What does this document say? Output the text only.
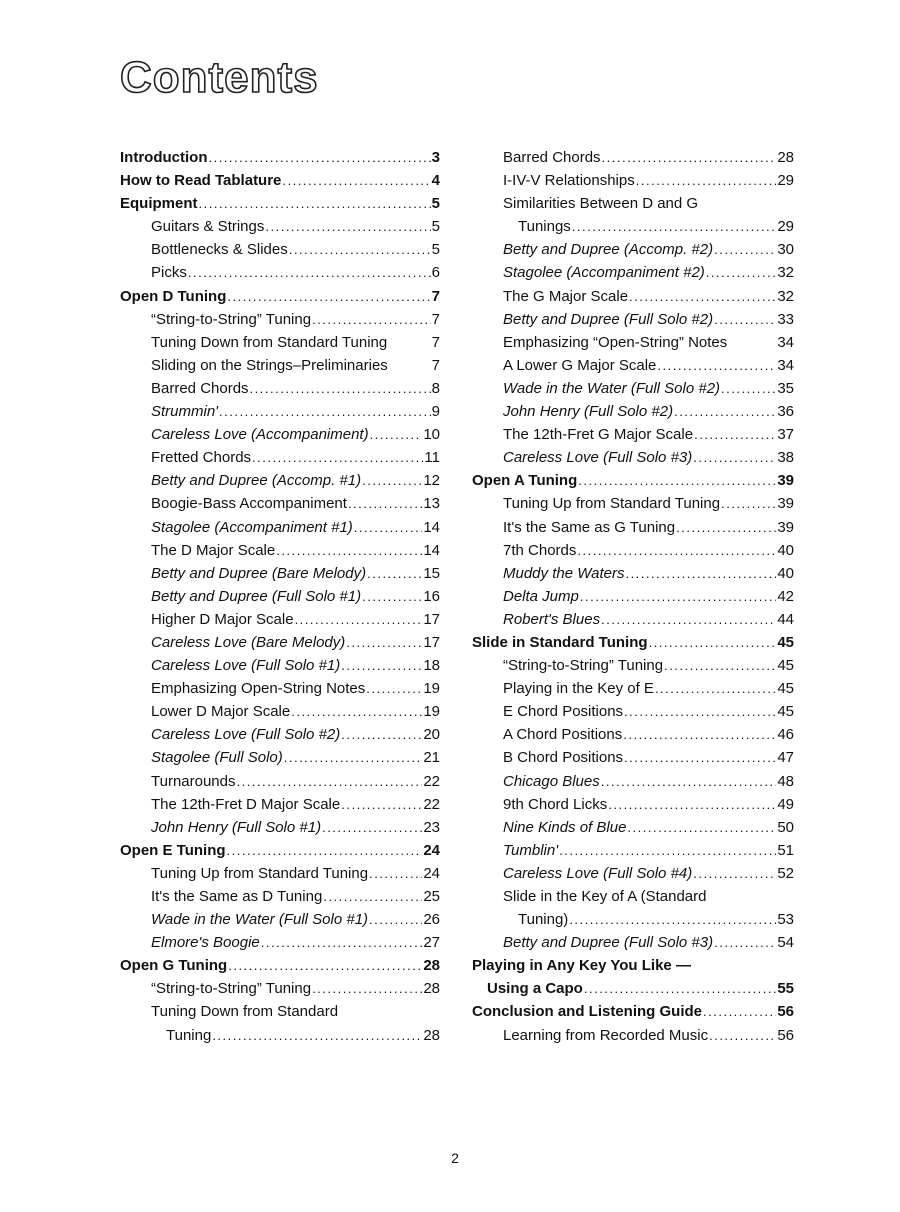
Contents
Introduction .....	3
How to Read Tablature .....	4
Equipment .....	5
Guitars & Strings .....	5
Bottlenecks & Slides .....	5
Picks .....	6
Open D Tuning .....	7
“String-to-String” Tuning .....	7
Tuning Down from Standard Tuning	7
Sliding on the Strings–Preliminaries	7
Barred Chords .....	8
Strummin' .....	9
Careless Love (Accompaniment) .....	10
Fretted Chords .....	11
Betty and Dupree (Accomp. #1) .....	12
Boogie-Bass Accompaniment .....	13
Stagolee (Accompaniment #1) .....	14
The D Major Scale .....	14
Betty and Dupree (Bare Melody) .....	15
Betty and Dupree (Full Solo #1) .....	16
Higher D Major Scale .....	17
Careless Love (Bare Melody) .....	17
Careless Love (Full Solo #1) .....	18
Emphasizing Open-String Notes .....	19
Lower D Major Scale .....	19
Careless Love (Full Solo #2) .....	20
Stagolee (Full Solo) .....	21
Turnarounds .....	22
The 12th-Fret D Major Scale .....	22
John Henry (Full Solo #1) .....	23
Open E Tuning .....	24
Tuning Up from Standard Tuning .....	24
It's the Same as D Tuning .....	25
Wade in the Water (Full Solo #1) .....	26
Elmore's Boogie .....	27
Open G Tuning .....	28
“String-to-String” Tuning .....	28
Tuning Down from Standard
Tuning .....	28
Barred Chords .....	28
I-IV-V Relationships .....	29
Similarities Between D and G
Tunings .....	29
Betty and Dupree (Accomp. #2) .....	30
Stagolee (Accompaniment #2) .....	32
The G Major Scale .....	32
Betty and Dupree (Full Solo #2) .....	33
Emphasizing “Open-String” Notes	34
A Lower G Major Scale .....	34
Wade in the Water (Full Solo #2) .....	35
John Henry (Full Solo #2) .....	36
The 12th-Fret G Major Scale .....	37
Careless Love (Full Solo #3) .....	38
Open A Tuning .....	39
Tuning Up from Standard Tuning .....	39
It's the Same as G Tuning .....	39
7th Chords .....	40
Muddy the Waters .....	40
Delta Jump .....	42
Robert's Blues .....	44
Slide in Standard Tuning .....	45
“String-to-String” Tuning .....	45
Playing in the Key of E .....	45
E Chord Positions .....	45
A Chord Positions .....	46
B Chord Positions .....	47
Chicago Blues .....	48
9th Chord Licks .....	49
Nine Kinds of Blue .....	50
Tumblin' .....	51
Careless Love (Full Solo #4) .....	52
Slide in the Key of A (Standard
Tuning) .....	53
Betty and Dupree (Full Solo #3) .....	54
Playing in Any Key You Like —
Using a Capo .....	55
Conclusion and Listening Guide .....	56
Learning from Recorded Music .....	56
2
